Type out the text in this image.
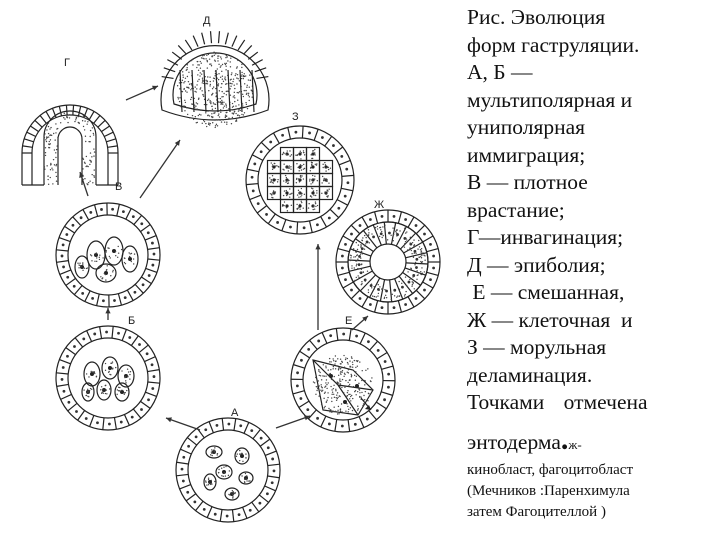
Г
Д
В
З
Ж
Б	Е
А
Рис. Эволюция
форм гаструляции.
А, Б —
мультиполярная и
униполярная
иммиграция;
В — плотное
врастание;
Г—инвагинация;
Д — эпиболия;
Е — смешанная,
Ж — клеточная  и
З — морульная
деламинация.
Точками отмечена
энтодерма.ж-
кинобласт, фагоцитобласт
(Мечников :Паренхимула
затем Фагоцителлой )
